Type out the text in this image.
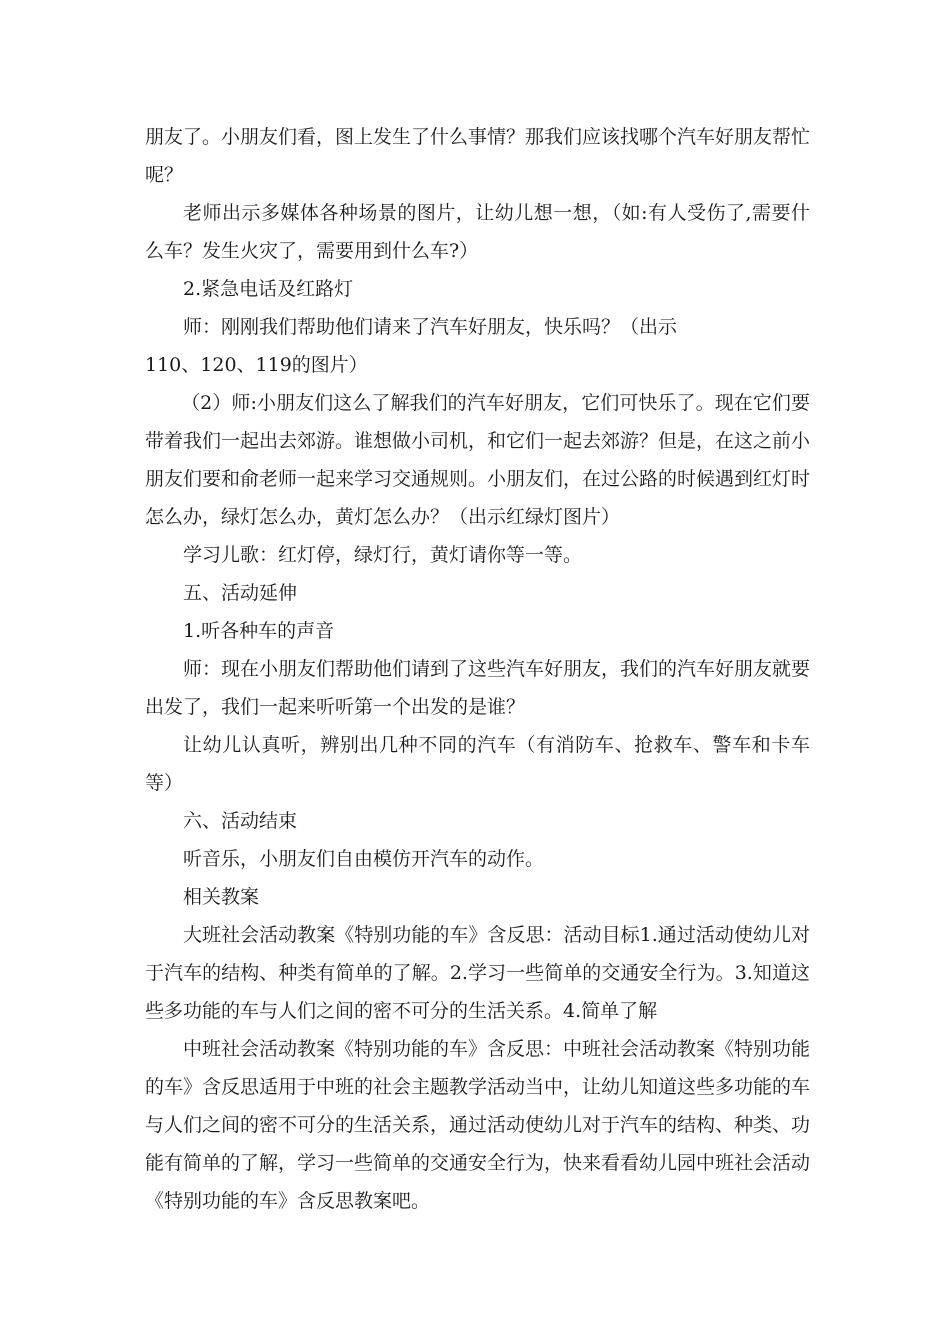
朋友了。小朋友们看，图上发生了什么事情？那我们应该找哪个汽车好朋友帮忙呢？

老师出示多媒体各种场景的图片，让幼儿想一想，（如:有人受伤了,需要什么车？发生火灾了，需要用到什么车?）

2.紧急电话及红路灯

师：刚刚我们帮助他们请来了汽车好朋友，快乐吗？（出示

110、120、119的图片）

（2）师:小朋友们这么了解我们的汽车好朋友，它们可快乐了。现在它们要带着我们一起出去郊游。谁想做小司机，和它们一起去郊游？但是，在这之前小朋友们要和俞老师一起来学习交通规则。小朋友们，在过公路的时候遇到红灯时怎么办，绿灯怎么办，黄灯怎么办？（出示红绿灯图片）

学习儿歌：红灯停，绿灯行，黄灯请你等一等。

五、活动延伸

1.听各种车的声音

师：现在小朋友们帮助他们请到了这些汽车好朋友，我们的汽车好朋友就要出发了，我们一起来听听第一个出发的是谁？

让幼儿认真听，辨别出几种不同的汽车（有消防车、抢救车、警车和卡车等）

六、活动结束

听音乐，小朋友们自由模仿开汽车的动作。

相关教案

大班社会活动教案《特别功能的车》含反思：活动目标1.通过活动使幼儿对于汽车的结构、种类有简单的了解。2.学习一些简单的交通安全行为。3.知道这些多功能的车与人们之间的密不可分的生活关系。4.简单了解

中班社会活动教案《特别功能的车》含反思：中班社会活动教案《特别功能的车》含反思适用于中班的社会主题教学活动当中，让幼儿知道这些多功能的车与人们之间的密不可分的生活关系，通过活动使幼儿对于汽车的结构、种类、功能有简单的了解，学习一些简单的交通安全行为，快来看看幼儿园中班社会活动《特别功能的车》含反思教案吧。
